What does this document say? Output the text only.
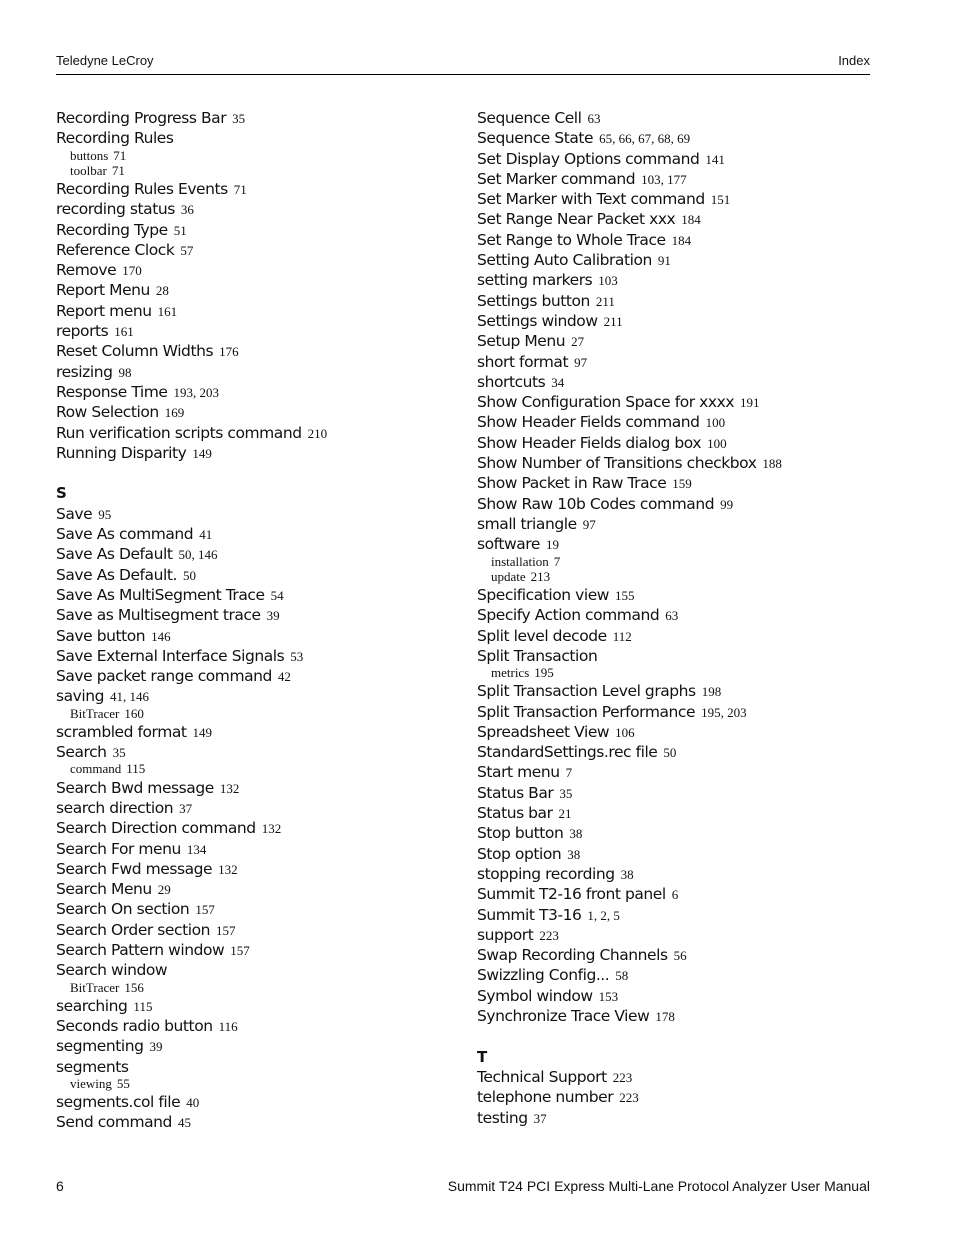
Teledyne LeCroy	Index
Recording Progress Bar 35
Recording Rules
buttons 71
toolbar 71
Recording Rules Events 71
recording status 36
Recording Type 51
Reference Clock 57
Remove 170
Report Menu 28
Report menu 161
reports 161
Reset Column Widths 176
resizing 98
Response Time 193, 203
Row Selection 169
Run verification scripts command 210
Running Disparity 149
S
Save 95
Save As command 41
Save As Default 50, 146
Save As Default. 50
Save As MultiSegment Trace 54
Save as Multisegment trace 39
Save button 146
Save External Interface Signals 53
Save packet range command 42
saving 41, 146
BitTracer 160
scrambled format 149
Search 35
command 115
Search Bwd message 132
search direction 37
Search Direction command 132
Search For menu 134
Search Fwd message 132
Search Menu 29
Search On section 157
Search Order section 157
Search Pattern window 157
Search window
BitTracer 156
searching 115
Seconds radio button 116
segmenting 39
segments
viewing 55
segments.col file 40
Send command 45
Sequence Cell 63
Sequence State 65, 66, 67, 68, 69
Set Display Options command 141
Set Marker command 103, 177
Set Marker with Text command 151
Set Range Near Packet xxx 184
Set Range to Whole Trace 184
Setting Auto Calibration 91
setting markers 103
Settings button 211
Settings window 211
Setup Menu 27
short format 97
shortcuts 34
Show Configuration Space for xxxx 191
Show Header Fields command 100
Show Header Fields dialog box 100
Show Number of Transitions checkbox 188
Show Packet in Raw Trace 159
Show Raw 10b Codes command 99
small triangle 97
software 19
installation 7
update 213
Specification view 155
Specify Action command 63
Split level decode 112
Split Transaction
metrics 195
Split Transaction Level graphs 198
Split Transaction Performance 195, 203
Spreadsheet View 106
StandardSettings.rec file 50
Start menu 7
Status Bar 35
Status bar 21
Stop button 38
Stop option 38
stopping recording 38
Summit T2-16 front panel 6
Summit T3-16 1, 2, 5
support 223
Swap Recording Channels 56
Swizzling Config... 58
Symbol window 153
Synchronize Trace View 178
T
Technical Support 223
telephone number 223
testing 37
6	Summit T24 PCI Express Multi-Lane Protocol Analyzer User Manual
